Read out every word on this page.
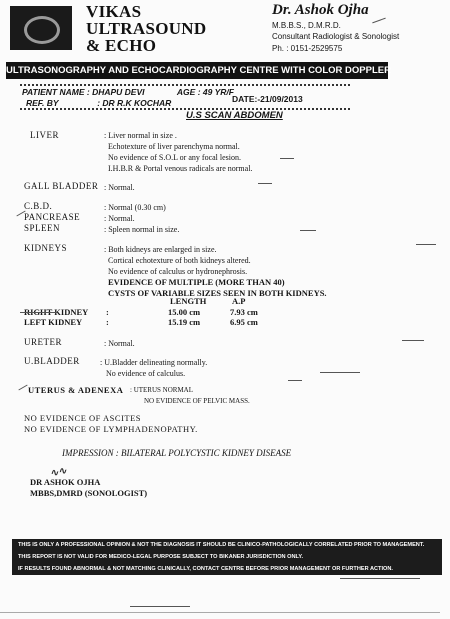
VIKAS
ULTRASOUND
& ECHO
Dr. Ashok Ojha
M.B.B.S., D.M.R.D.
Consultant Radiologist & Sonologist
Ph. : 0151-2529575
ULTRASONOGRAPHY AND ECHOCARDIOGRAPHY CENTRE WITH COLOR DOPPLER
PATIENT NAME : DHAPU DEVI	AGE : 49 YR/F
REF. BY	: DR R.K KOCHAR	DATE:-21/09/2013
U.S SCAN ABDOMEN
LIVER	: Liver normal in size .
Echotexture of liver parenchyma normal.
No evidence of S.O.L or any focal lesion.
I.H.B.R & Portal venous radicals are normal.
GALL BLADDER : Normal.
C.B.D.	: Normal (0.30 cm)
PANCREASE	: Normal.
SPLEEN	: Spleen normal in size.
KIDNEYS	: Both kidneys are enlarged in size.
Cortical echotexture of both kidneys altered.
No evidence of calculus or hydronephrosis.
EVIDENCE OF MULTIPLE (MORE THAN 40)
CYSTS OF VARIABLE SIZES SEEN IN BOTH KIDNEYS.
LENGTH	A.P
RIGHT KIDNEY :	15.00 cm	7.93 cm
LEFT KIDNEY	:	15.19 cm	6.95 cm
URETER	: Normal.
U.BLADDER	: U.Bladder delineating normally.
No evidence of calculus.
UTERUS & ADENEXA : UTERUS NORMAL
NO EVIDENCE OF PELVIC MASS.
NO EVIDENCE OF ASCITES
NO EVIDENCE OF LYMPHADENOPATHY.
IMPRESSION : BILATERAL POLYCYSTIC KIDNEY DISEASE
∿∿
DR ASHOK OJHA
MBBS,DMRD (SONOLOGIST)
THIS IS ONLY A PROFESSIONAL OPINION & NOT THE DIAGNOSIS IT SHOULD BE CLINICO-PATHOLOGICALLY CORRELATED PRIOR TO MANAGEMENT.
THIS REPORT IS NOT VALID FOR MEDICO-LEGAL PURPOSE SUBJECT TO BIKANER JURISDICTION ONLY.
IF RESULTS FOUND ABNORMAL & NOT MATCHING CLINICALLY, CONTACT CENTRE BEFORE PRIOR MANAGEMENT OR FURTHER ACTION.
